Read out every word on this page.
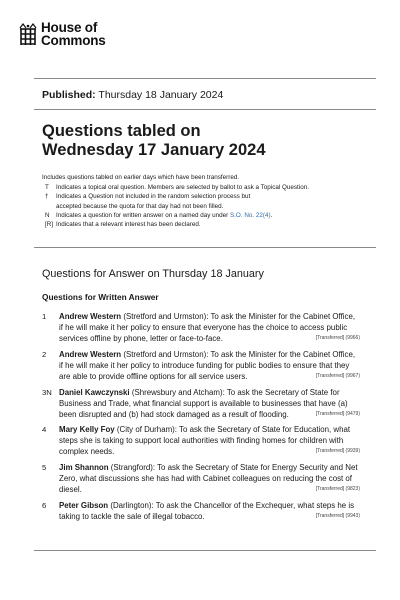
House of
Commons
Published: Thursday 18 January 2024
Questions tabled on
Wednesday 17 January 2024
Includes questions tabled on earlier days which have been transferred.
T	Indicates a topical oral question. Members are selected by ballot to ask a Topical Question.
†	Indicates a Question not included in the random selection process but accepted because the quota for that day had not been filled.
N	Indicates a question for written answer on a named day under S.O. No. 22(4).
[R] Indicates that a relevant interest has been declared.
Questions for Answer on Thursday 18 January
Questions for Written Answer
1	Andrew Western (Stretford and Urmston): To ask the Minister for the Cabinet Office, if he will make it her policy to ensure that everyone has the choice to access public services offline by phone, letter or face-to-face.	[Transferred] (9966)
2	Andrew Western (Stretford and Urmston): To ask the Minister for the Cabinet Office, if he will make it her policy to introduce funding for public bodies to ensure that they are able to provide offline options for all service users.	[Transferred] (9967)
3N Daniel Kawczynski (Shrewsbury and Atcham): To ask the Secretary of State for Business and Trade, what financial support is available to businesses that have (a) been disrupted and (b) had stock damaged as a result of flooding.	[Transferred] (9479)
4	Mary Kelly Foy (City of Durham): To ask the Secretary of State for Education, what steps she is taking to support local authorities with finding homes for children with complex needs.	[Transferred] (9939)
5	Jim Shannon (Strangford): To ask the Secretary of State for Energy Security and Net Zero, what discussions she has had with Cabinet colleagues on reducing the cost of diesel.	[Transferred] (9823)
6	Peter Gibson (Darlington): To ask the Chancellor of the Exchequer, what steps he is taking to tackle the sale of illegal tobacco.	[Transferred] (9943)
